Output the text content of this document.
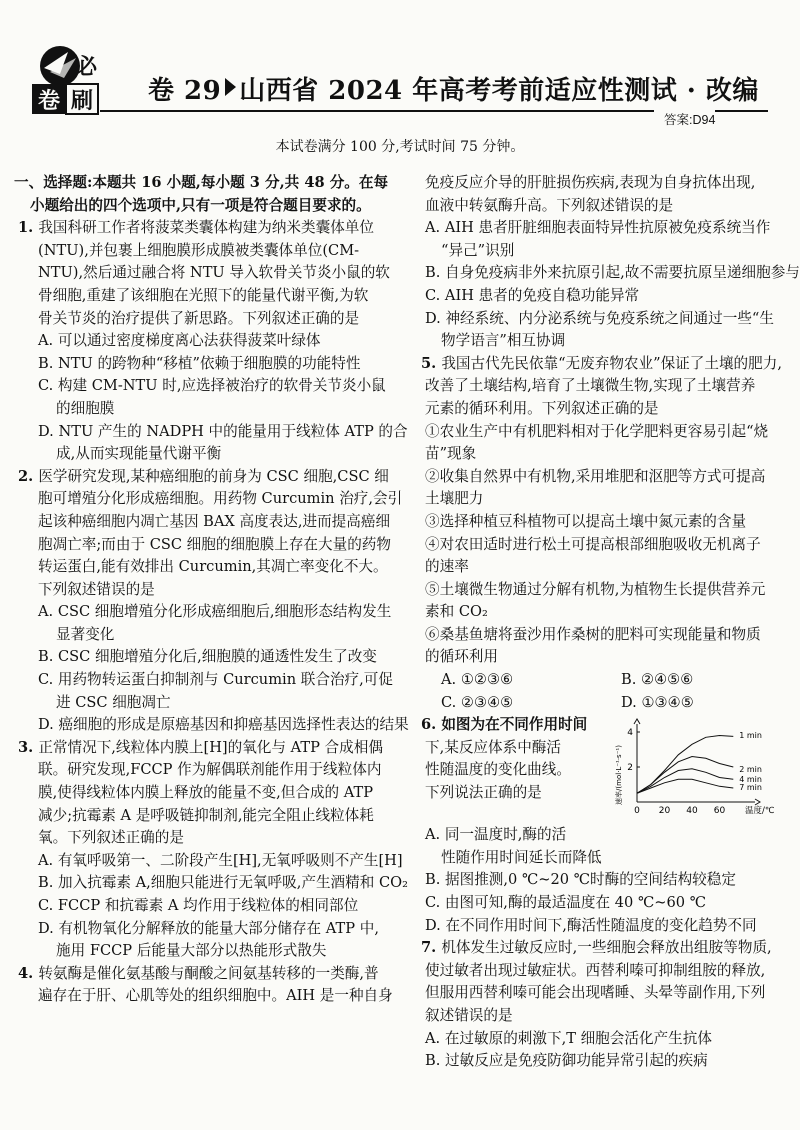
必
卷 刷 卷 29 山西省 2024 年高考考前适应性测试 · 改编
答案:D94
本试卷满分 100 分,考试时间 75 分钟。
一、选择题:本题共 16 小题,每小题 3 分,共 48 分。在每
小题给出的四个选项中,只有一项是符合题目要求的。
1. 我国科研工作者将菠菜类囊体构建为纳米类囊体单位
(NTU),并包裹上细胞膜形成膜被类囊体单位(CM-
NTU),然后通过融合将 NTU 导入软骨关节炎小鼠的软
骨细胞,重建了该细胞在光照下的能量代谢平衡,为软
骨关节炎的治疗提供了新思路。下列叙述正确的是
A. 可以通过密度梯度离心法获得菠菜叶绿体
B. NTU 的跨物种“移植”依赖于细胞膜的功能特性
C. 构建 CM-NTU 时,应选择被治疗的软骨关节炎小鼠
的细胞膜
D. NTU 产生的 NADPH 中的能量用于线粒体 ATP 的合
成,从而实现能量代谢平衡
2. 医学研究发现,某种癌细胞的前身为 CSC 细胞,CSC 细
胞可增殖分化形成癌细胞。用药物 Curcumin 治疗,会引
起该种癌细胞内凋亡基因 BAX 高度表达,进而提高癌细
胞凋亡率;而由于 CSC 细胞的细胞膜上存在大量的药物
转运蛋白,能有效排出 Curcumin,其凋亡率变化不大。
下列叙述错误的是
A. CSC 细胞增殖分化形成癌细胞后,细胞形态结构发生
显著变化
B. CSC 细胞增殖分化后,细胞膜的通透性发生了改变
C. 用药物转运蛋白抑制剂与 Curcumin 联合治疗,可促
进 CSC 细胞凋亡
D. 癌细胞的形成是原癌基因和抑癌基因选择性表达的结果
3. 正常情况下,线粒体内膜上[H]的氧化与 ATP 合成相偶
联。研究发现,FCCP 作为解偶联剂能作用于线粒体内
膜,使得线粒体内膜上释放的能量不变,但合成的 ATP
减少;抗霉素 A 是呼吸链抑制剂,能完全阻止线粒体耗
氧。下列叙述正确的是
A. 有氧呼吸第一、二阶段产生[H],无氧呼吸则不产生[H]
B. 加入抗霉素 A,细胞只能进行无氧呼吸,产生酒精和 CO₂
C. FCCP 和抗霉素 A 均作用于线粒体的相同部位
D. 有机物氧化分解释放的能量大部分储存在 ATP 中,
施用 FCCP 后能量大部分以热能形式散失
4. 转氨酶是催化氨基酸与酮酸之间氨基转移的一类酶,普
遍存在于肝、心肌等处的组织细胞中。AIH 是一种自身
免疫反应介导的肝脏损伤疾病,表现为自身抗体出现,
血液中转氨酶升高。下列叙述错误的是
A. AIH 患者肝脏细胞表面特异性抗原被免疫系统当作
“异己”识别
B. 自身免疫病非外来抗原引起,故不需要抗原呈递细胞参与
C. AIH 患者的免疫自稳功能异常
D. 神经系统、内分泌系统与免疫系统之间通过一些“生
物学语言”相互协调
5. 我国古代先民依靠“无废弃物农业”保证了土壤的肥力,
改善了土壤结构,培育了土壤微生物,实现了土壤营养
元素的循环利用。下列叙述正确的是
①农业生产中有机肥料相对于化学肥料更容易引起“烧
苗”现象
②收集自然界中有机物,采用堆肥和沤肥等方式可提高
土壤肥力
③选择种植豆科植物可以提高土壤中氮元素的含量
④对农田适时进行松土可提高根部细胞吸收无机离子
的速率
⑤土壤微生物通过分解有机物,为植物生长提供营养元
素和 CO₂
⑥桑基鱼塘将蚕沙用作桑树的肥料可实现能量和物质
的循环利用
A. ①②③⑥	B. ②④⑤⑥
C. ②③④⑤	D. ①③④⑤
6. 如图为在不同作用时间
下,某反应体系中酶活
性随温度的变化曲线。
下列说法正确的是
0 20 40 60
2
4
温度/℃
速率/(mol·L⁻¹·s⁻¹)
1 min
2 min
4 min
7 min
A. 同一温度时,酶的活
性随作用时间延长而降低
B. 据图推测,0 ℃~20 ℃时酶的空间结构较稳定
C. 由图可知,酶的最适温度在 40 ℃~60 ℃
D. 在不同作用时间下,酶活性随温度的变化趋势不同
7. 机体发生过敏反应时,一些细胞会释放出组胺等物质,
使过敏者出现过敏症状。西替利嗪可抑制组胺的释放,
但服用西替利嗪可能会出现嗜睡、头晕等副作用,下列
叙述错误的是
A. 在过敏原的刺激下,T 细胞会活化产生抗体
B. 过敏反应是免疫防御功能异常引起的疾病
